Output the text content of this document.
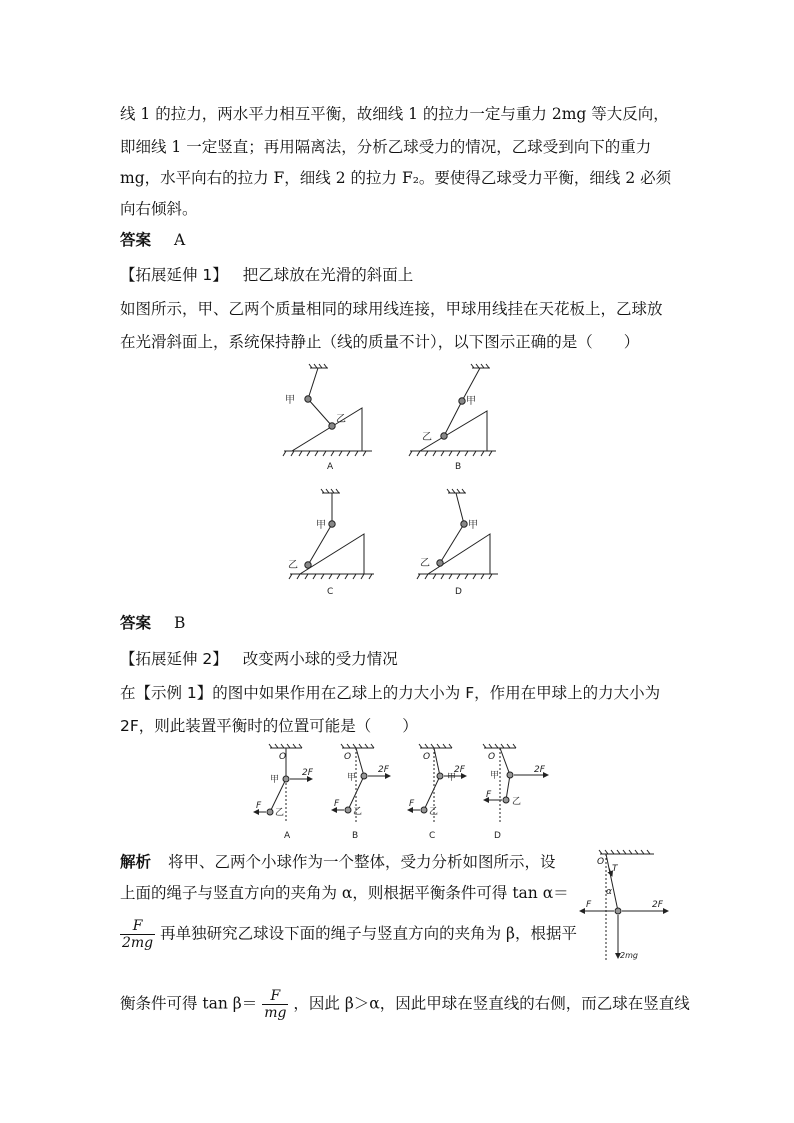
线 1 的拉力，两水平力相互平衡，故细线 1 的拉力一定与重力 2mg 等大反向，
即细线 1 一定竖直；再用隔离法，分析乙球受力的情况，乙球受到向下的重力
mg，水平向右的拉力 F，细线 2 的拉力 F₂。要使得乙球受力平衡，细线 2 必须
向右倾斜。
答案 A
【拓展延伸 1】 把乙球放在光滑的斜面上
如图所示，甲、乙两个质量相同的球用线连接，甲球用线挂在天花板上，乙球放
在光滑斜面上，系统保持静止（线的质量不计），以下图示正确的是（　　）
甲
乙
甲
乙
甲
乙
甲
乙
A	B
C	D
答案 B
【拓展延伸 2】 改变两小球的受力情况
在【示例 1】的图中如果作用在乙球上的力大小为 F，作用在甲球上的力大小为
2F，则此装置平衡时的位置可能是（　　）
O
甲
乙
2F
F
A
O
甲
乙
2F
F
B
O
甲
乙
2F
F
C
O
甲
乙
2F
F
D
解析 将甲、乙两个小球作为一个整体，受力分析如图所示，设
上面的绳子与竖直方向的夹角为 α，则根据平衡条件可得 tan α＝
$\frac{F}{2mg}$ 再单独研究乙球设下面的绳子与竖直方向的夹角为 β，根据平
衡条件可得 $\tan \beta= \frac{F}{mg}$ ，因此 β＞α，因此甲球在竖直线的右侧，而乙球在竖直线
O
T
α
F	2F
2mg
